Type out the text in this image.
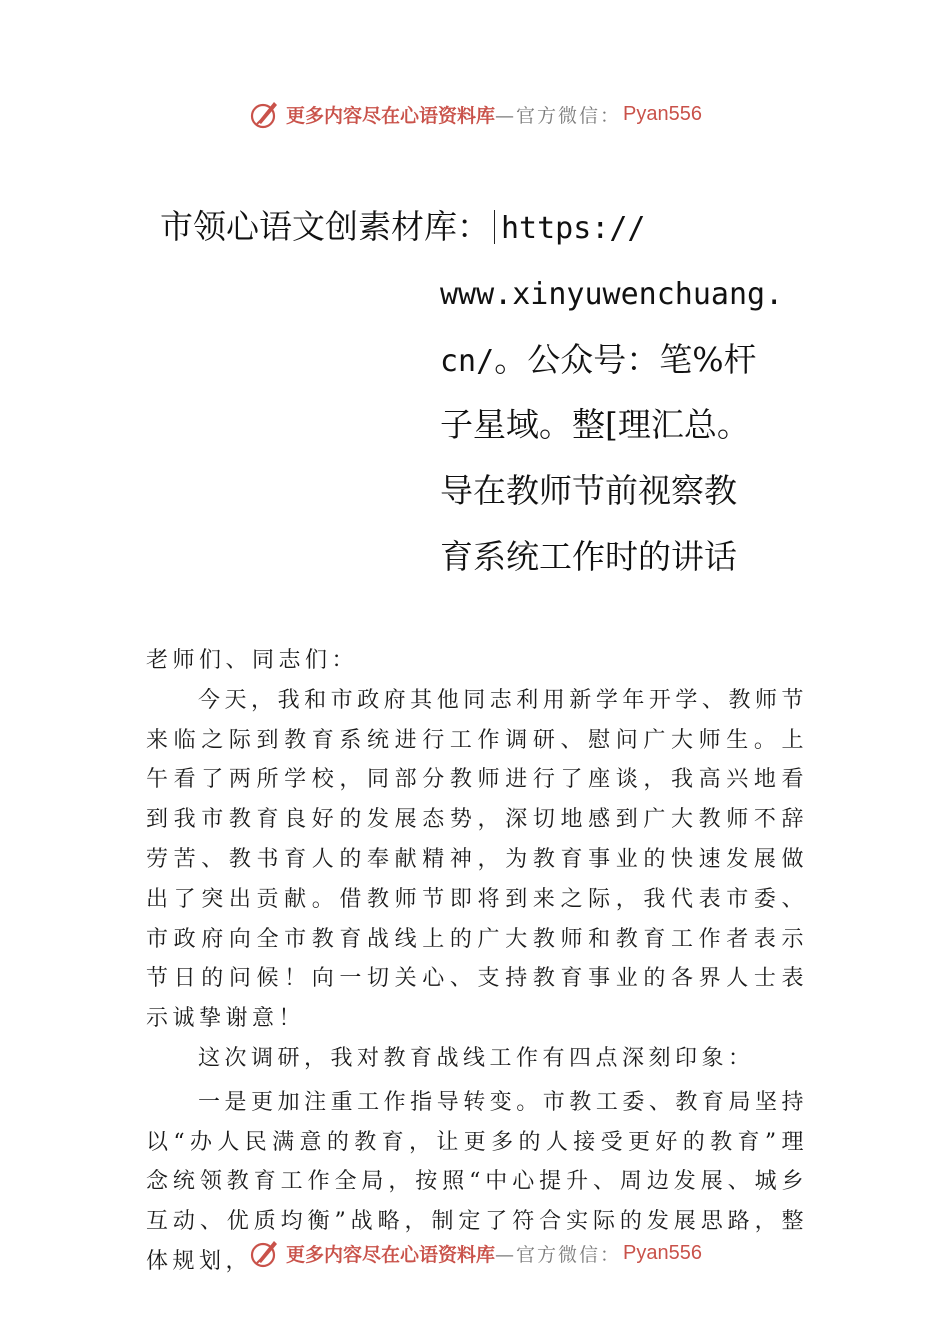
更多内容尽在心语资料库 —官方微信： Pyan556
市领心语文创素材库： https://
www.xinyuwenchuang.
cn/。公众号：笔%杆
子星域。整[理汇总。
导在教师节前视察教
育系统工作时的讲话

老师们、同志们：

今天，我和市政府其他同志利用新学年开学、教师节来临之际到教育系统进行工作调研、慰问广大师生。上午看了两所学校，同部分教师进行了座谈，我高兴地看到我市教育良好的发展态势，深切地感到广大教师不辞劳苦、教书育人的奉献精神，为教育事业的快速发展做出了突出贡献。借教师节即将到来之际，我代表市委、市政府向全市教育战线上的广大教师和教育工作者表示节日的问候！向一切关心、支持教育事业的各界人士表示诚挚谢意！

这次调研，我对教育战线工作有四点深刻印象：

一是更加注重工作指导转变。市教工委、教育局坚持以“办人民满意的教育，让更多的人接受更好的教育”理念统领教育工作全局，按照“中心提升、周边发展、城乡互动、优质均衡”战略，制定了符合实际的发展思路，整体规划，	更多内容尽在心语资料库 —官方微信： Pyan556
